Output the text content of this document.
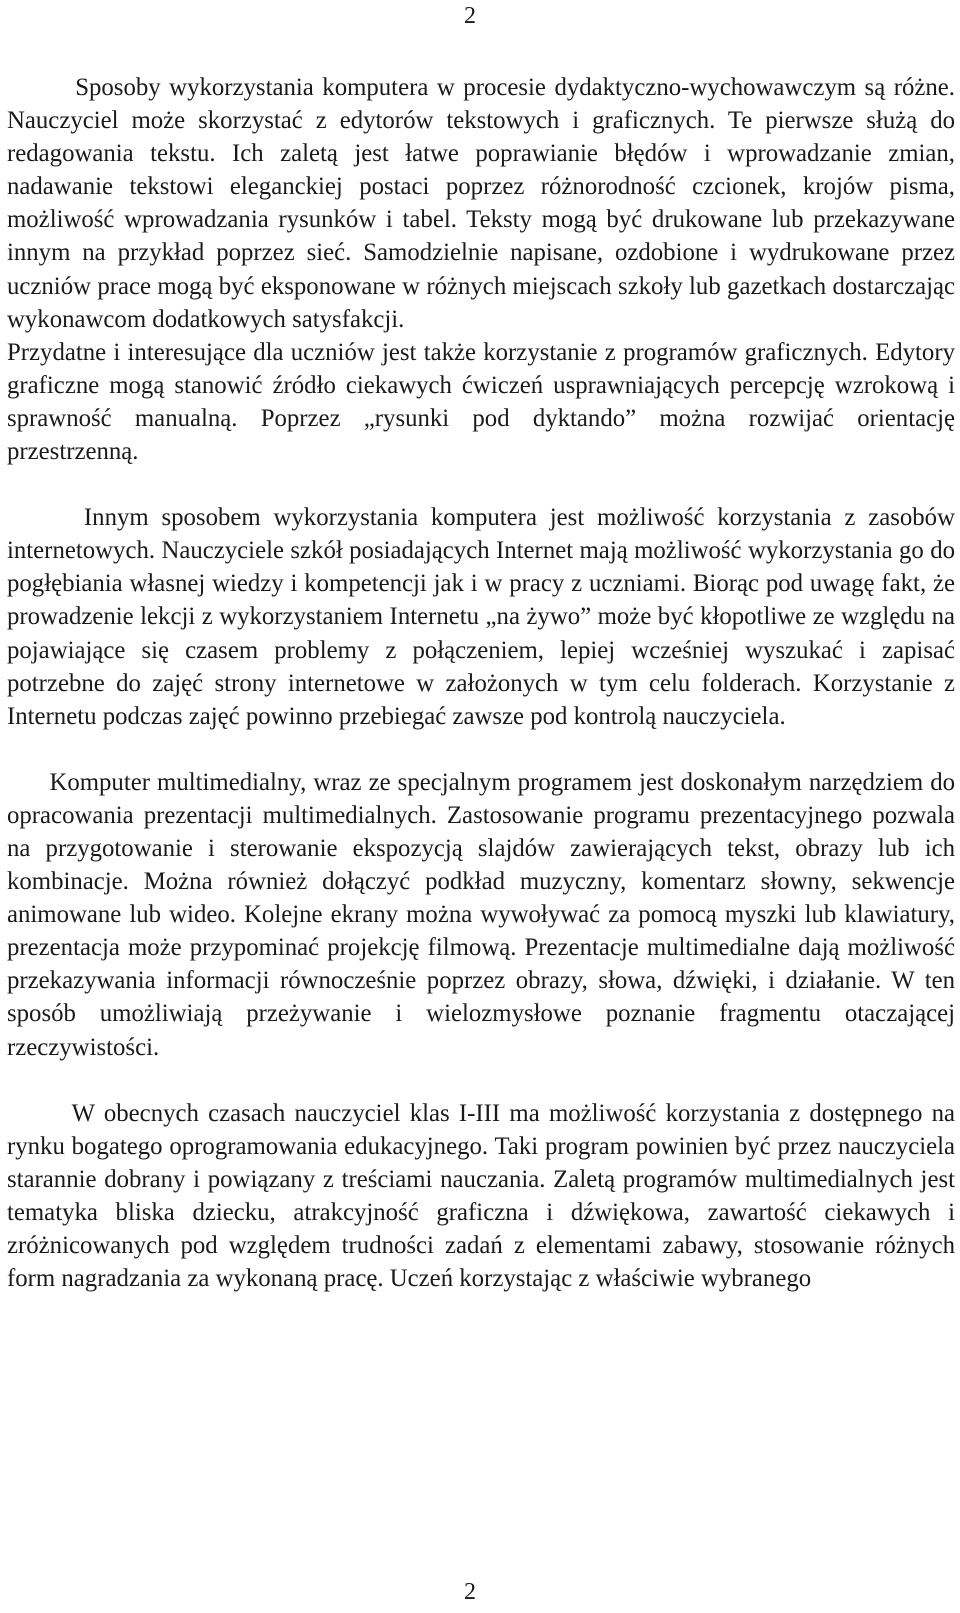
2

Sposoby wykorzystania komputera w procesie dydaktyczno-wychowawczym są różne. Nauczyciel może skorzystać z edytorów tekstowych i graficznych. Te pierwsze służą do redagowania tekstu. Ich zaletą jest łatwe poprawianie błędów i wprowadzanie zmian, nadawanie tekstowi eleganckiej postaci poprzez różnorodność czcionek, krojów pisma, możliwość wprowadzania rysunków i tabel. Teksty mogą być drukowane lub przekazywane innym na przykład poprzez sieć. Samodzielnie napisane, ozdobione i wydrukowane przez uczniów prace mogą być eksponowane w różnych miejscach szkoły lub gazetkach dostarczając wykonawcom dodatkowych satysfakcji.

Przydatne i interesujące dla uczniów jest także korzystanie z programów graficznych. Edytory graficzne mogą stanowić źródło ciekawych ćwiczeń usprawniających percepcję wzrokową i sprawność manualną. Poprzez „rysunki pod dyktando” można rozwijać orientację przestrzenną.

Innym sposobem wykorzystania komputera jest możliwość korzystania z zasobów internetowych. Nauczyciele szkół posiadających Internet mają możliwość wykorzystania go do pogłębiania własnej wiedzy i kompetencji jak i w pracy z uczniami. Biorąc pod uwagę fakt, że prowadzenie lekcji z wykorzystaniem Internetu „na żywo” może być kłopotliwe ze względu na pojawiające się czasem problemy z połączeniem, lepiej wcześniej wyszukać i zapisać potrzebne do zajęć strony internetowe w założonych w tym celu folderach. Korzystanie z Internetu podczas zajęć powinno przebiegać zawsze pod kontrolą nauczyciela.

Komputer multimedialny, wraz ze specjalnym programem jest doskonałym narzędziem do opracowania prezentacji multimedialnych. Zastosowanie programu prezentacyjnego pozwala na przygotowanie i sterowanie ekspozycją slajdów zawierających tekst, obrazy lub ich kombinacje. Można również dołączyć podkład muzyczny, komentarz słowny, sekwencje animowane lub wideo. Kolejne ekrany można wywoływać za pomocą myszki lub klawiatury, prezentacja może przypominać projekcję filmową. Prezentacje multimedialne dają możliwość przekazywania informacji równocześnie poprzez obrazy, słowa, dźwięki, i działanie. W ten sposób umożliwiają przeżywanie i wielozmysłowe poznanie fragmentu otaczającej rzeczywistości.

W obecnych czasach nauczyciel klas I-III ma możliwość korzystania z dostępnego na rynku bogatego oprogramowania edukacyjnego. Taki program powinien być przez nauczyciela starannie dobrany i powiązany z treściami nauczania. Zaletą programów multimedialnych jest tematyka bliska dziecku, atrakcyjność graficzna i dźwiękowa, zawartość ciekawych i zróżnicowanych pod względem trudności zadań z elementami zabawy, stosowanie różnych form nagradzania za wykonaną pracę. Uczeń korzystając z właściwie wybranego

2
